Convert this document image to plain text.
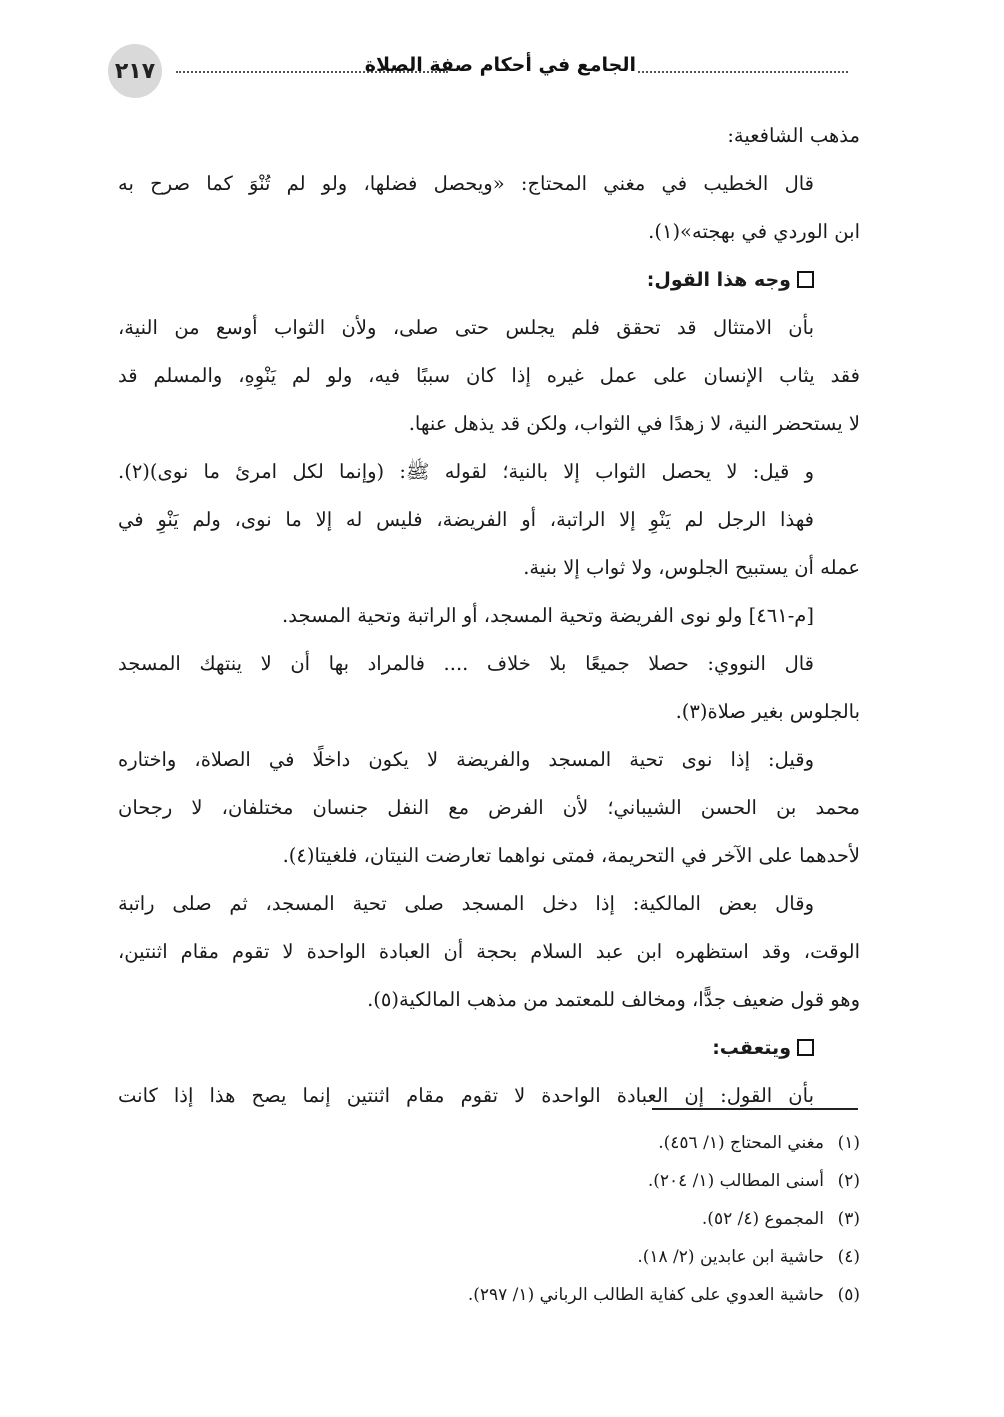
٢١٧	الجامع في أحكام صفة الصلاة
مذهب الشافعية:
قال الخطيب في مغني المحتاج: «ويحصل فضلها، ولو لم تُنْوَ كما صرح به
ابن الوردي في بهجته»(١).
وجه هذا القول:
بأن الامتثال قد تحقق فلم يجلس حتى صلى، ولأن الثواب أوسع من النية،
فقد يثاب الإنسان على عمل غيره إذا كان سببًا فيه، ولو لم يَنْوِهِ، والمسلم قد
لا يستحضر النية، لا زهدًا في الثواب، ولكن قد يذهل عنها.
و قيل: لا يحصل الثواب إلا بالنية؛ لقوله ﷺ: (وإنما لكل امرئ ما نوى)(٢).
فهذا الرجل لم يَنْوِ إلا الراتبة، أو الفريضة، فليس له إلا ما نوى، ولم يَنْوِ في
عمله أن يستبيح الجلوس، ولا ثواب إلا بنية.
[م-٤٦١] ولو نوى الفريضة وتحية المسجد، أو الراتبة وتحية المسجد.
قال النووي: حصلا جميعًا بلا خلاف .... فالمراد بها أن لا ينتهك المسجد
بالجلوس بغير صلاة(٣).
وقيل: إذا نوى تحية المسجد والفريضة لا يكون داخلًا في الصلاة، واختاره
محمد بن الحسن الشيباني؛ لأن الفرض مع النفل جنسان مختلفان، لا رجحان
لأحدهما على الآخر في التحريمة، فمتى نواهما تعارضت النيتان، فلغيتا(٤).
وقال بعض المالكية: إذا دخل المسجد صلى تحية المسجد، ثم صلى راتبة
الوقت، وقد استظهره ابن عبد السلام بحجة أن العبادة الواحدة لا تقوم مقام اثنتين،
وهو قول ضعيف جدًّا، ومخالف للمعتمد من مذهب المالكية(٥).
ويتعقب:
بأن القول: إن العبادة الواحدة لا تقوم مقام اثنتين إنما يصح هذا إذا كانت
(١)مغني المحتاج (١/ ٤٥٦).
(٢)أسنى المطالب (١/ ٢٠٤).
(٣)المجموع (٤/ ٥٢).
(٤)حاشية ابن عابدين (٢/ ١٨).
(٥)حاشية العدوي على كفاية الطالب الرباني (١/ ٢٩٧).
